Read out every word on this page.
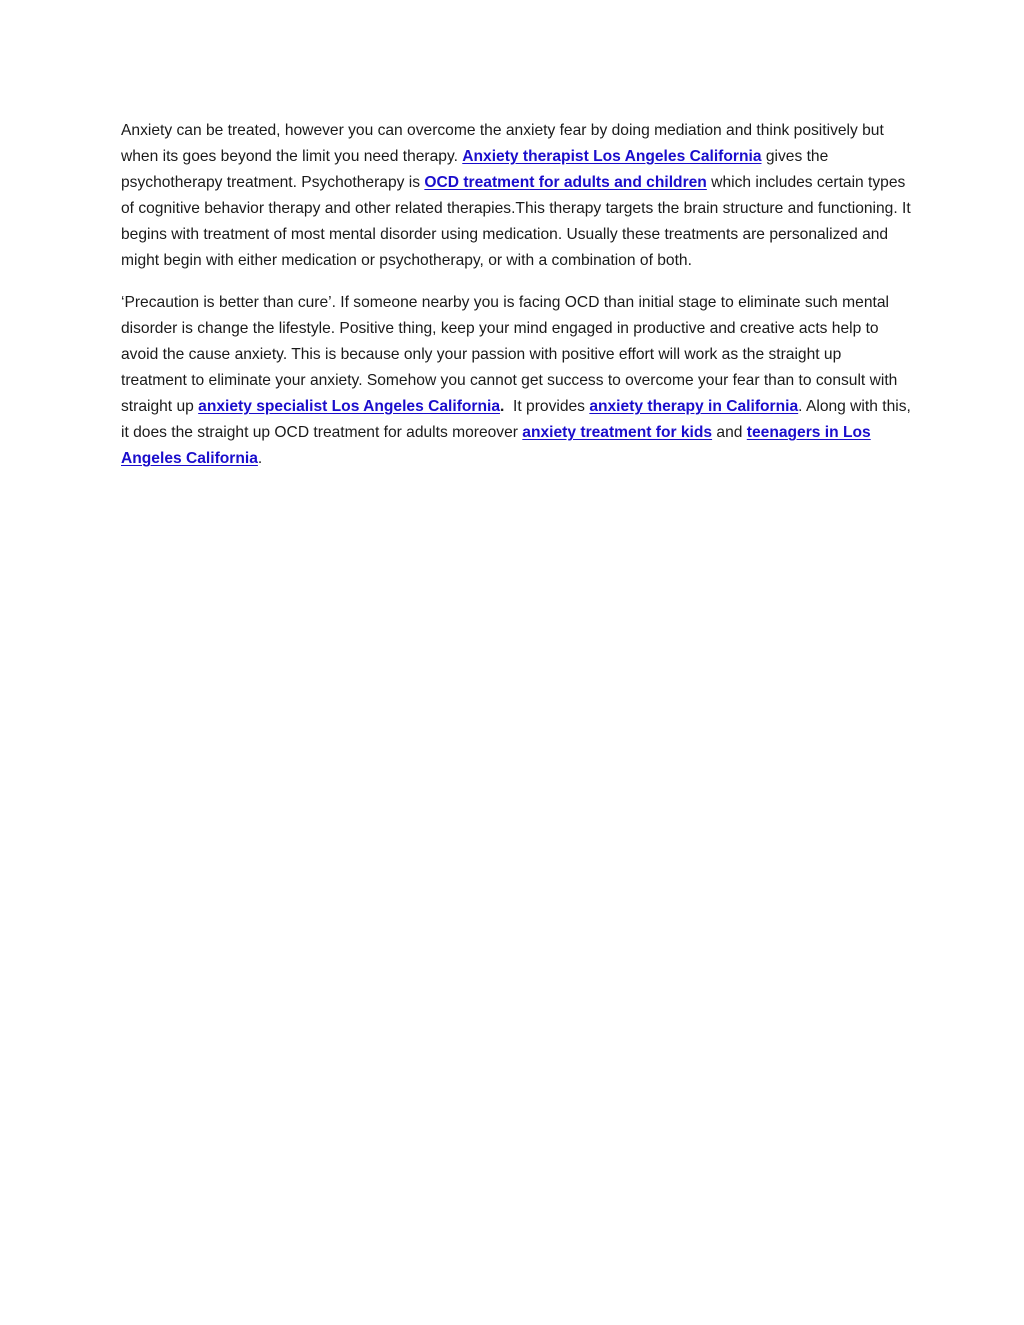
Anxiety can be treated, however you can overcome the anxiety fear by doing mediation and think positively but when its goes beyond the limit you need therapy. Anxiety therapist Los Angeles California gives the psychotherapy treatment. Psychotherapy is OCD treatment for adults and children which includes certain types of cognitive behavior therapy and other related therapies.This therapy targets the brain structure and functioning. It begins with treatment of most mental disorder using medication. Usually these treatments are personalized and might begin with either medication or psychotherapy, or with a combination of both.

‘Precaution is better than cure’. If someone nearby you is facing OCD than initial stage to eliminate such mental disorder is change the lifestyle. Positive thing, keep your mind engaged in productive and creative acts help to avoid the cause anxiety. This is because only your passion with positive effort will work as the straight up treatment to eliminate your anxiety. Somehow you cannot get success to overcome your fear than to consult with straight up anxiety specialist Los Angeles California.  It provides anxiety therapy in California. Along with this, it does the straight up OCD treatment for adults moreover anxiety treatment for kids and teenagers in Los Angeles California.
